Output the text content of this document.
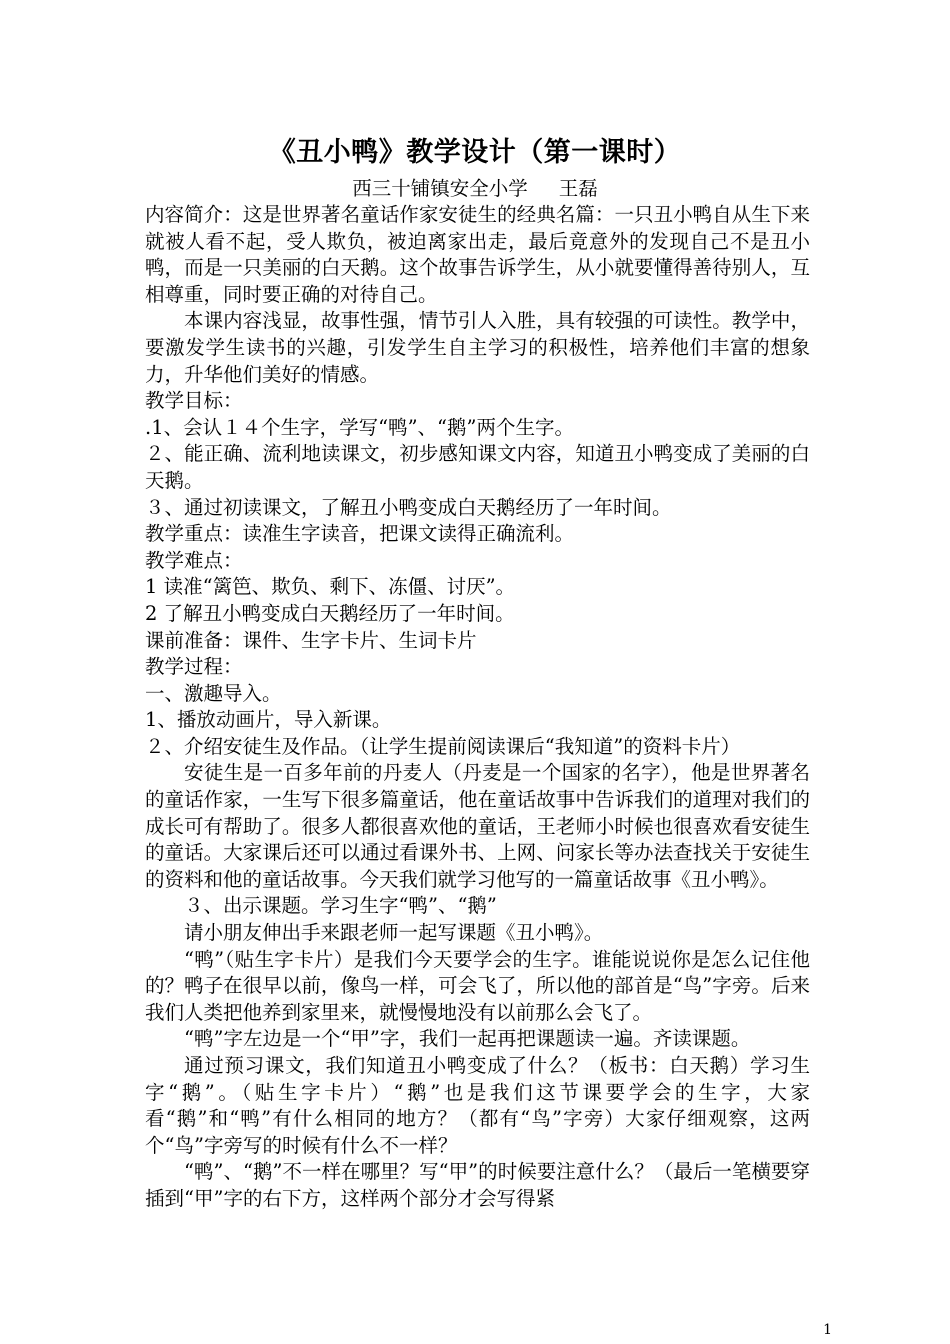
《丑小鸭》教学设计（第一课时）
西三十铺镇安全小学     王磊

内容简介：这是世界著名童话作家安徒生的经典名篇：一只丑小鸭自从生下来就被人看不起，受人欺负，被迫离家出走，最后竟意外的发现自己不是丑小鸭，而是一只美丽的白天鹅。这个故事告诉学生，从小就要懂得善待别人，互相尊重，同时要正确的对待自己。

本课内容浅显，故事性强，情节引人入胜，具有较强的可读性。教学中，要激发学生读书的兴趣，引发学生自主学习的积极性，培养他们丰富的想象力，升华他们美好的情感。

教学目标：

.1、会认１４个生字，学写“鸭”、“鹅”两个生字。

２、能正确、流利地读课文，初步感知课文内容，知道丑小鸭变成了美丽的白天鹅。

３、通过初读课文，了解丑小鸭变成白天鹅经历了一年时间。

教学重点：读准生字读音，把课文读得正确流利。

教学难点：

1 读准“篱笆、欺负、剩下、冻僵、讨厌”。

2 了解丑小鸭变成白天鹅经历了一年时间。

课前准备：课件、生字卡片、生词卡片

教学过程：

一、激趣导入。

1、播放动画片，导入新课。

２、介绍安徒生及作品。（让学生提前阅读课后“我知道”的资料卡片）

安徒生是一百多年前的丹麦人（丹麦是一个国家的名字），他是世界著名的童话作家，一生写下很多篇童话，他在童话故事中告诉我们的道理对我们的成长可有帮助了。很多人都很喜欢他的童话，王老师小时候也很喜欢看安徒生的童话。大家课后还可以通过看课外书、上网、问家长等办法查找关于安徒生的资料和他的童话故事。今天我们就学习他写的一篇童话故事《丑小鸭》。

３、出示课题。学习生字“鸭”、“鹅”

请小朋友伸出手来跟老师一起写课题《丑小鸭》。

“鸭”（贴生字卡片）是我们今天要学会的生字。谁能说说你是怎么记住他的？鸭子在很早以前，像鸟一样，可会飞了，所以他的部首是“鸟”字旁。后来我们人类把他养到家里来，就慢慢地没有以前那么会飞了。

“鸭”字左边是一个“甲”字，我们一起再把课题读一遍。齐读课题。

通过预习课文，我们知道丑小鸭变成了什么？（板书：白天鹅）学习生字“鹅”。（贴生字卡片）“鹅”也是我们这节课要学会的生字，大家看“鹅”和“鸭”有什么相同的地方？（都有“鸟”字旁）大家仔细观察，这两个“鸟”字旁写的时候有什么不一样？

“鸭”、“鹅”不一样在哪里？写“甲”的时候要注意什么？（最后一笔横要穿插到“甲”字的右下方，这样两个部分才会写得紧

1
